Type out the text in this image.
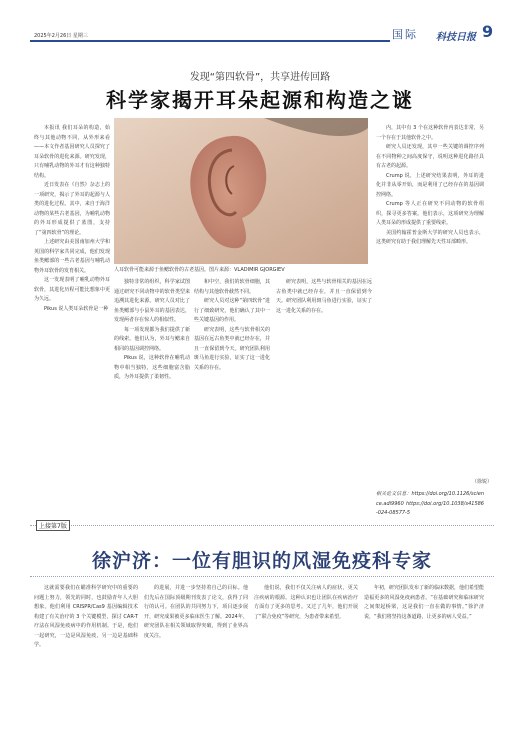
2025年2月26日 星期三	国际 科技日报 9
发现“第四软骨”，共享进传回路
科学家揭开耳朵起源和构造之谜

本报讯 我们耳朵的构造，始终与其他动物不同，从外形来看——本文作者基因研究人员探究了耳朵软骨的进化来源。研究发现，只有哺乳动物的外耳才有这种独特结构。

近日发表在《自然》杂志上的一项研究，揭示了外耳的起源与人类的进化过程。其中，来自于海洋动物的某些古老基因，为哺乳动物的外耳形成提供了蓝图，支持了“第四软骨”的理论。

上述研究由美国南加州大学和英国的科学家共同完成，他们发现鱼类鳃部的一些古老基因与哺乳动物外耳软骨的发育相关。

这一发现表明了哺乳动物外耳软骨，其进化历程可能比想象中更为久远。

Pikus 说人类耳朵软骨是一种

人耳软骨可能来源于鱼鳃软骨的古老基因。图片来源：VLADIMIR GJORGIEV

独特非常的组织，科学家试图通过研究不同动物中的软骨类型来追溯其进化来源。研究人员对比了鱼类鳃部与小鼠外耳的基因表达，发现两者存在惊人的相似性。

每一项发现都为我们提供了新的线索。他们认为，外耳与鳃来自相同的基因调控网络。

Pikus 说，这种软骨在哺乳动物中相当独特，这些细胞富含脂质，为外耳提供了柔韧性。

和中空，我们的软骨细胞，其结构与其他软骨截然不同。

研究人员对这种“第四软骨”进行了细致研究，他们确认了其中一些关键基因的作用。

研究表明，这些与软骨相关的基因在远古鱼类中就已经存在，并且一直保留到今天。研究团队利用斑马鱼进行实验，证实了这一进化关系的存在。

研究表明，这些与软骨相关的基因在远古鱼类中就已经存在，并且一直保留到今天。研究团队利用斑马鱼进行实验，证实了这一进化关系的存在。

内，其中有 3 个在这种软骨内表达非常，另一个存在于其他软骨之中。

研究人员还发现，其中一些关键的调控序列在不同物种之间高度保守，说明这种进化路径具有古老的起源。

Crump 说，上述研究结果表明，外耳的进化并非从零开始，而是利用了已经存在的基因调控网络。

Crump 等人正在研究不同动物的软骨组织，探寻更多答案。他们表示，这项研究为理解人类耳朵的形成提供了重要线索。

美国约翰霍普金斯大学的研究人员也表示，这类研究有助于我们理解先天性耳部畸形。

（徐锐）
相关论文信息：https://doi.org/10.1126/science.adi9960 https://doi.org/10.1038/s41586-024-08577-5
上接第7版
徐沪济：一位有胆识的风湿免疫科专家

这就需要我们在瞄准科学研究中的重要的问题上努力，领先的同时，也鼓励青年人大胆想象。他们利用 CRISPR/Cas9 基因编辑技术构建了有关治疗的 3 个关键模型，探讨 CAR-T 疗法在风湿免疫病中的作用机制。于是，他们一起研究，一边是风湿免疫，另一边是基础科学。

的进展，并进一步坚持着自己的目标。他们先后在国际顶级期刊发表了论文，获得了同行的认可。在团队的共同努力下，项目逐步展开，研究成果被更多临床医生了解。2024年，研究团队在相关领域取得突破，得到了业界高度关注。

他们说，我们不仅关注病人的症状，更关注疾病的根源。这种认识也让团队在疾病治疗方面有了更多的思考。又过了几年，他们开展了“联合免疫”等研究，为患者带来希望。

年初，研究团队发布了新的临床数据，他们希望能造福更多的风湿免疫病患者。“在基础研究和临床研究之间架起桥梁，这是我们一直在做的事情。”徐沪济说，“我们将坚持这条道路，让更多的病人受益。”
